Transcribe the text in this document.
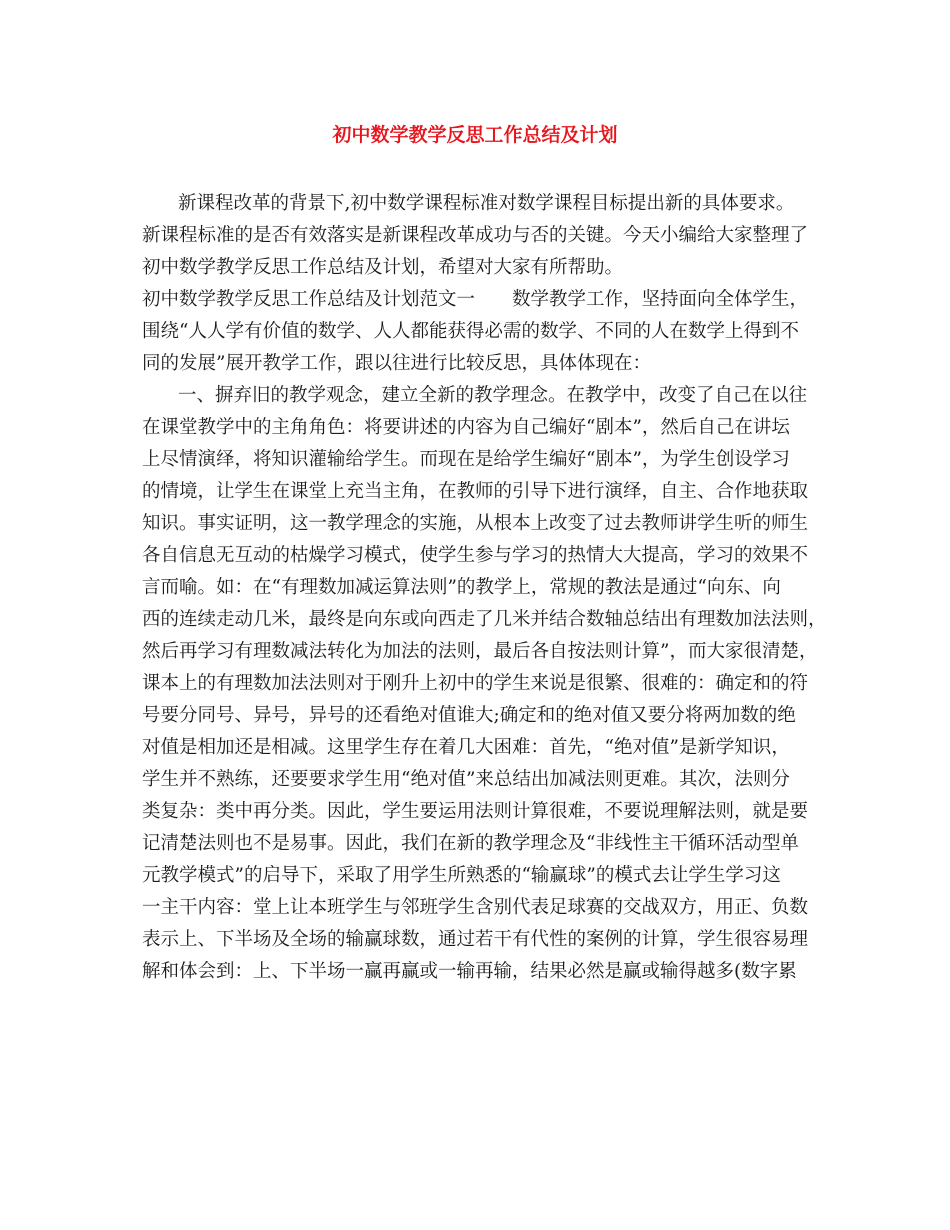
初中数学教学反思工作总结及计划
新课程改革的背景下,初中数学课程标准对数学课程目标提出新的具体要求。
新课程标准的是否有效落实是新课程改革成功与否的关键。今天小编给大家整理了
初中数学教学反思工作总结及计划，希望对大家有所帮助。
初中数学教学反思工作总结及计划范文一　　数学教学工作，坚持面向全体学生，
围绕“人人学有价值的数学、人人都能获得必需的数学、不同的人在数学上得到不
同的发展”展开教学工作，跟以往进行比较反思，具体体现在：
一、摒弃旧的教学观念，建立全新的教学理念。在教学中，改变了自己在以往
在课堂教学中的主角角色：将要讲述的内容为自己编好“剧本”，然后自己在讲坛
上尽情演绎，将知识灌输给学生。而现在是给学生编好“剧本”，为学生创设学习
的情境，让学生在课堂上充当主角，在教师的引导下进行演绎，自主、合作地获取
知识。事实证明，这一教学理念的实施，从根本上改变了过去教师讲学生听的师生
各自信息无互动的枯燥学习模式，使学生参与学习的热情大大提高，学习的效果不
言而喻。如：在“有理数加减运算法则”的教学上，常规的教法是通过“向东、向
西的连续走动几米，最终是向东或向西走了几米并结合数轴总结出有理数加法法则，
然后再学习有理数减法转化为加法的法则，最后各自按法则计算”，而大家很清楚，
课本上的有理数加法法则对于刚升上初中的学生来说是很繁、很难的：确定和的符
号要分同号、异号，异号的还看绝对值谁大;确定和的绝对值又要分将两加数的绝
对值是相加还是相减。这里学生存在着几大困难：首先，“绝对值”是新学知识，
学生并不熟练，还要要求学生用“绝对值”来总结出加减法则更难。其次，法则分
类复杂：类中再分类。因此，学生要运用法则计算很难，不要说理解法则，就是要
记清楚法则也不是易事。因此，我们在新的教学理念及“非线性主干循环活动型单
元教学模式”的启导下，采取了用学生所熟悉的“输赢球”的模式去让学生学习这
一主干内容：堂上让本班学生与邻班学生含别代表足球赛的交战双方，用正、负数
表示上、下半场及全场的输赢球数，通过若干有代性的案例的计算，学生很容易理
解和体会到：上、下半场一赢再赢或一输再输，结果必然是赢或输得越多(数字累
